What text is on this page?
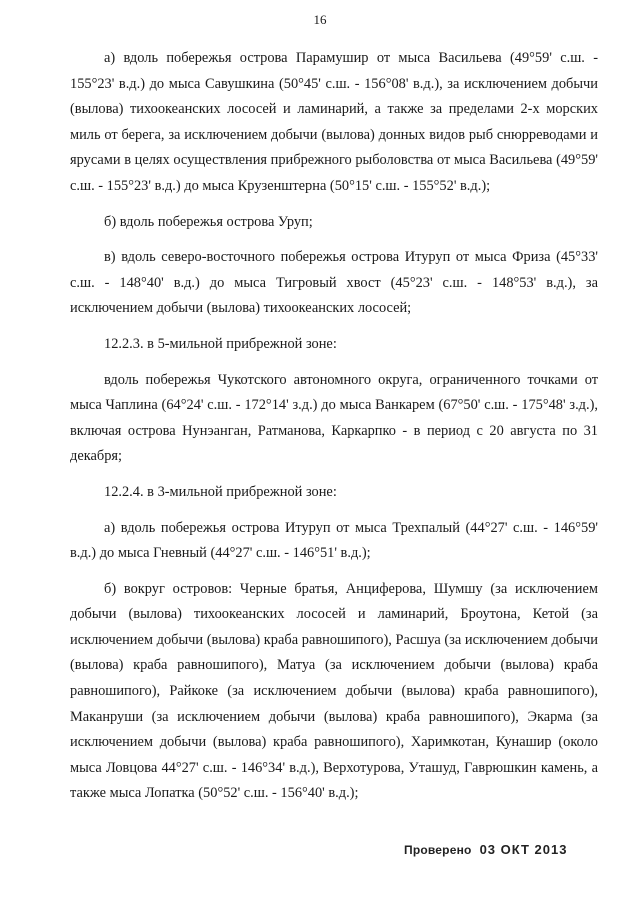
16

а) вдоль побережья острова Парамушир от мыса Васильева (49°59' с.ш. - 155°23' в.д.) до мыса Савушкина (50°45' с.ш. - 156°08' в.д.), за исключением добычи (вылова) тихоокеанских лососей и ламинарий, а также за пределами 2-х морских миль от берега, за исключением добычи (вылова) донных видов рыб снюрреводами и ярусами в целях осуществления прибрежного рыболовства от мыса Васильева (49°59' с.ш. - 155°23' в.д.) до мыса Крузенштерна (50°15' с.ш. - 155°52' в.д.);

б) вдоль побережья острова Уруп;

в) вдоль северо-восточного побережья острова Итуруп от мыса Фриза (45°33' с.ш. - 148°40' в.д.) до мыса Тигровый хвост (45°23' с.ш. - 148°53' в.д.), за исключением добычи (вылова) тихоокеанских лососей;

12.2.3. в 5-мильной прибрежной зоне:

вдоль побережья Чукотского автономного округа, ограниченного точками от мыса Чаплина (64°24' с.ш. - 172°14' з.д.) до мыса Ванкарем (67°50' с.ш. - 175°48' з.д.), включая острова Нунэанган, Ратманова, Каркарпко - в период с 20 августа по 31 декабря;

12.2.4. в 3-мильной прибрежной зоне:

а) вдоль побережья острова Итуруп от мыса Трехпалый (44°27' с.ш. - 146°59' в.д.) до мыса Гневный (44°27' с.ш. - 146°51' в.д.);

б) вокруг островов: Черные братья, Анциферова, Шумшу (за исключением добычи (вылова) тихоокеанских лососей и ламинарий, Броутона, Кетой (за исключением добычи (вылова) краба равношипого), Расшуа (за исключением добычи (вылова) краба равношипого), Матуа (за исключением добычи (вылова) краба равношипого), Райкоке (за исключением добычи (вылова) краба равношипого), Маканруши (за исключением добычи (вылова) краба равношипого), Экарма (за исключением добычи (вылова) краба равношипого), Харимкотан, Кунашир (около мыса Ловцова 44°27' с.ш. - 146°34' в.д.), Верхотурова, Уташуд, Гаврюшкин камень, а также мыса Лопатка (50°52' с.ш. - 156°40' в.д.);

Проверено 03 ОКТ 2013
